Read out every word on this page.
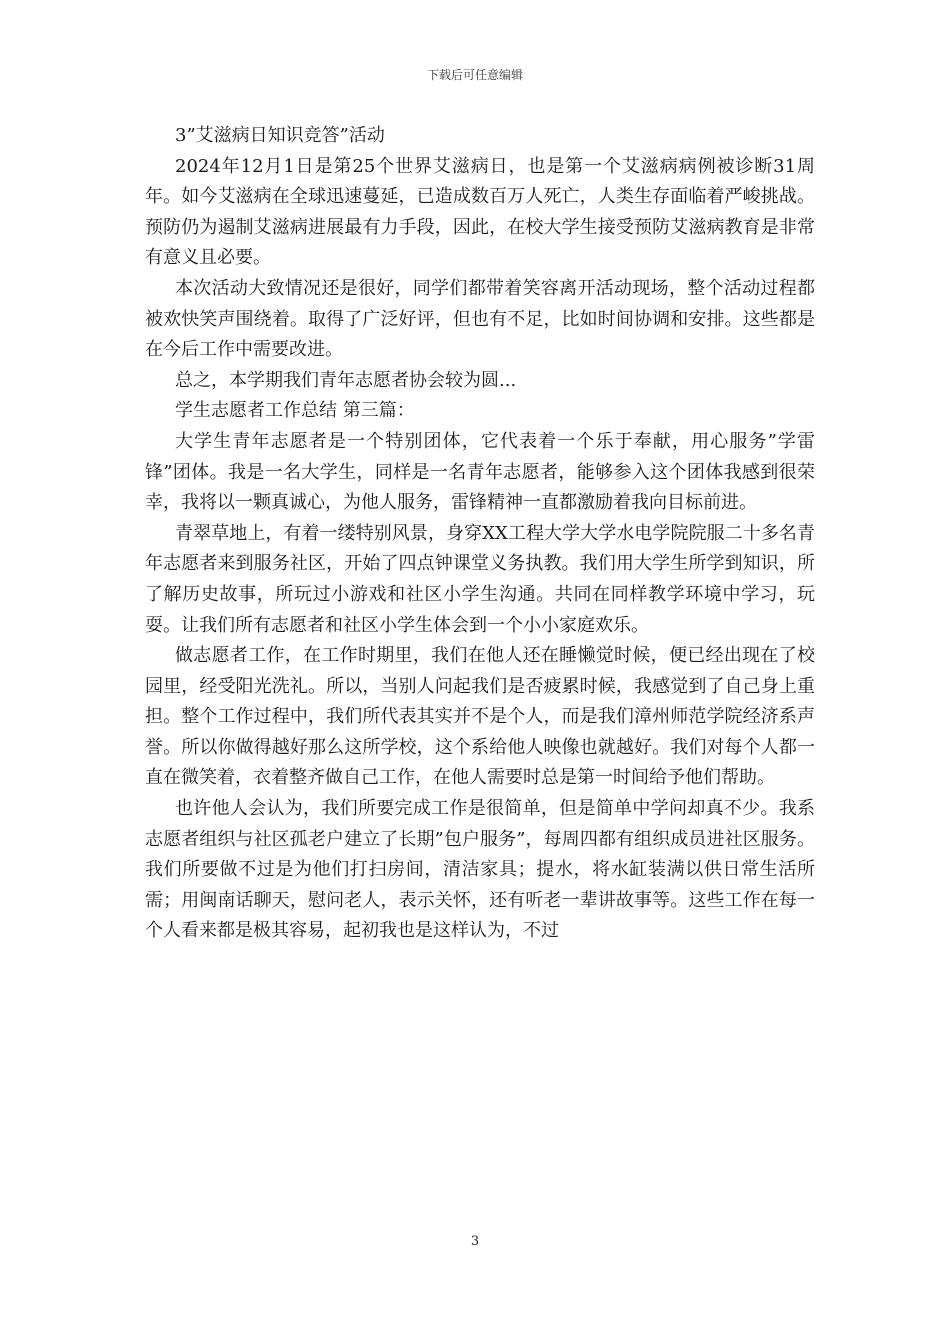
下载后可任意编辑

3”艾滋病日知识竞答”活动

2024年12月1日是第25个世界艾滋病日，也是第一个艾滋病病例被诊断31周年。如今艾滋病在全球迅速蔓延，已造成数百万人死亡，人类生存面临着严峻挑战。预防仍为遏制艾滋病进展最有力手段，因此，在校大学生接受预防艾滋病教育是非常有意义且必要。

本次活动大致情况还是很好，同学们都带着笑容离开活动现场，整个活动过程都被欢快笑声围绕着。取得了广泛好评，但也有不足，比如时间协调和安排。这些都是在今后工作中需要改进。

总之，本学期我们青年志愿者协会较为圆...

学生志愿者工作总结 第三篇：

大学生青年志愿者是一个特别团体，它代表着一个乐于奉献，用心服务”学雷锋”团体。我是一名大学生，同样是一名青年志愿者，能够参入这个团体我感到很荣幸，我将以一颗真诚心，为他人服务，雷锋精神一直都激励着我向目标前进。

青翠草地上，有着一缕特别风景，身穿XX工程大学大学水电学院院服二十多名青年志愿者来到服务社区，开始了四点钟课堂义务执教。我们用大学生所学到知识，所了解历史故事，所玩过小游戏和社区小学生沟通。共同在同样教学环境中学习，玩耍。让我们所有志愿者和社区小学生体会到一个小小家庭欢乐。

做志愿者工作，在工作时期里，我们在他人还在睡懒觉时候，便已经出现在了校园里，经受阳光洗礼。所以，当别人问起我们是否疲累时候，我感觉到了自己身上重担。整个工作过程中，我们所代表其实并不是个人，而是我们漳州师范学院经济系声誉。所以你做得越好那么这所学校，这个系给他人映像也就越好。我们对每个人都一直在微笑着，衣着整齐做自己工作，在他人需要时总是第一时间给予他们帮助。

也许他人会认为，我们所要完成工作是很简单，但是简单中学问却真不少。我系志愿者组织与社区孤老户建立了长期”包户服务”，每周四都有组织成员进社区服务。我们所要做不过是为他们打扫房间，清洁家具；提水，将水缸装满以供日常生活所需；用闽南话聊天，慰问老人，表示关怀，还有听老一辈讲故事等。这些工作在每一个人看来都是极其容易，起初我也是这样认为，不过

3
